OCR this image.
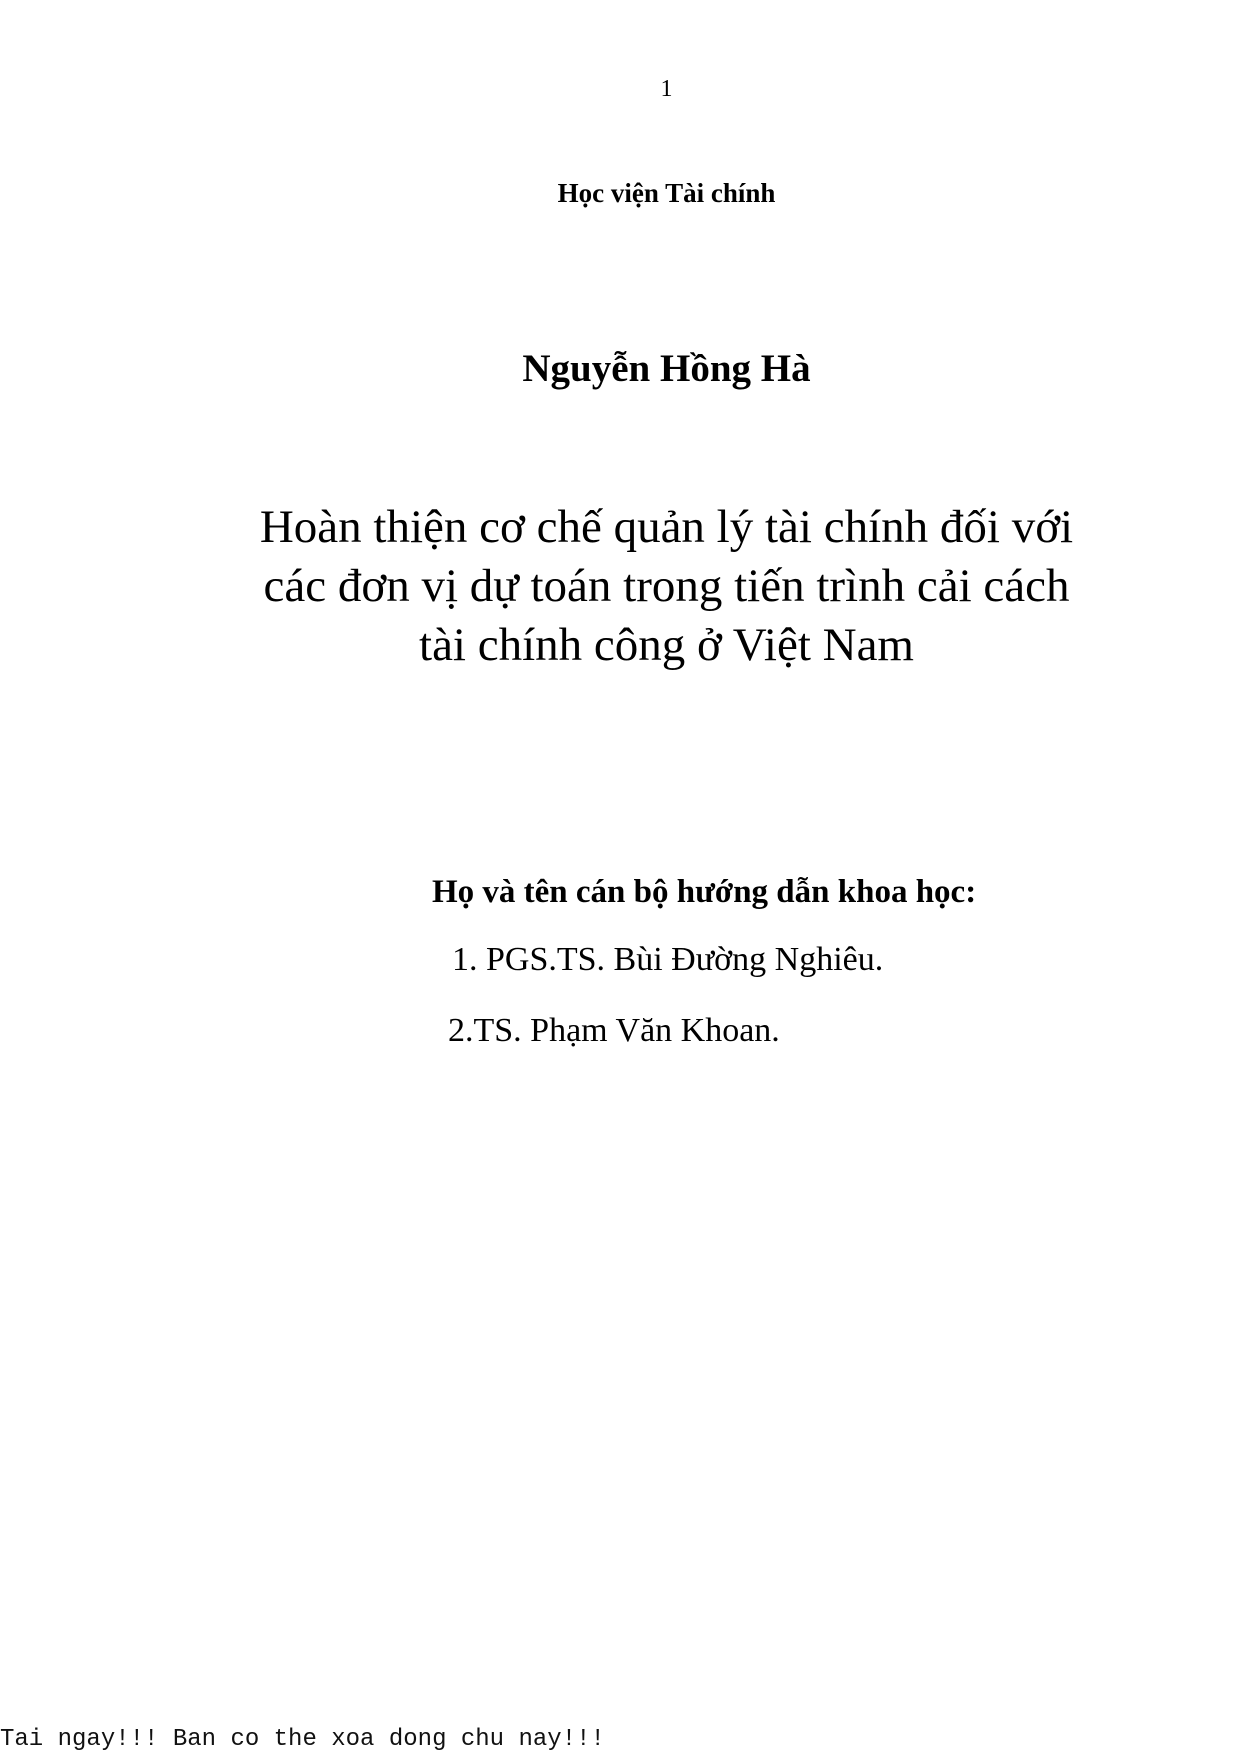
1
Học viện Tài chính
Nguyễn Hồng Hà
Hoàn thiện cơ chế quản lý tài chính đối với
các đơn vị dự toán trong tiến trình cải cách
tài chính công ở Việt Nam
Họ và tên cán bộ hướng dẫn khoa học:
1. PGS.TS. Bùi Đường Nghiêu.
2.TS. Phạm Văn Khoan.
Tai ngay!!! Ban co the xoa dong chu nay!!!
